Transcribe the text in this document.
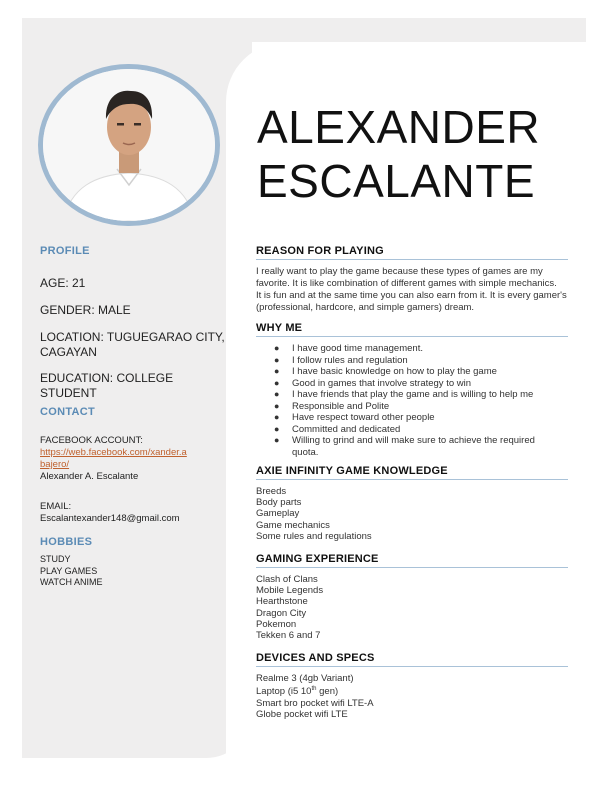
ALEXANDER
ESCALANTE
PROFILE
AGE: 21
GENDER: MALE
LOCATION: TUGUEGARAO CITY,
CAGAYAN
EDUCATION: COLLEGE STUDENT
CONTACT
FACEBOOK ACCOUNT:
https://web.facebook.com/xander.a
bajero/
Alexander A. Escalante
EMAIL:
Escalantexander148@gmail.com
HOBBIES
STUDY
PLAY GAMES
WATCH ANIME
REASON FOR PLAYING
I really want to play the game because these types of games are my
favorite. It is like combination of different games with simple mechanics.
It is fun and at the same time you can also earn from it. It is every gamer's
(professional, hardcore, and simple gamers) dream.
WHY ME
● I have good time management.
● I follow rules and regulation
● I have basic knowledge on how to play the game
● Good in games that involve strategy to win
● I have friends that play the game and is willing to help me
● Responsible and Polite
● Have respect toward other people
● Committed and dedicated
● Willing to grind and will make sure to achieve the required
quota.
AXIE INFINITY GAME KNOWLEDGE
Breeds
Body parts
Gameplay
Game mechanics
Some rules and regulations
GAMING EXPERIENCE
Clash of Clans
Mobile Legends
Hearthstone
Dragon City
Pokemon
Tekken 6 and 7
DEVICES AND SPECS
Realme 3 (4gb Variant)
Laptop (i5 10th gen)
Smart bro pocket wifi LTE-A
Globe pocket wifi LTE
